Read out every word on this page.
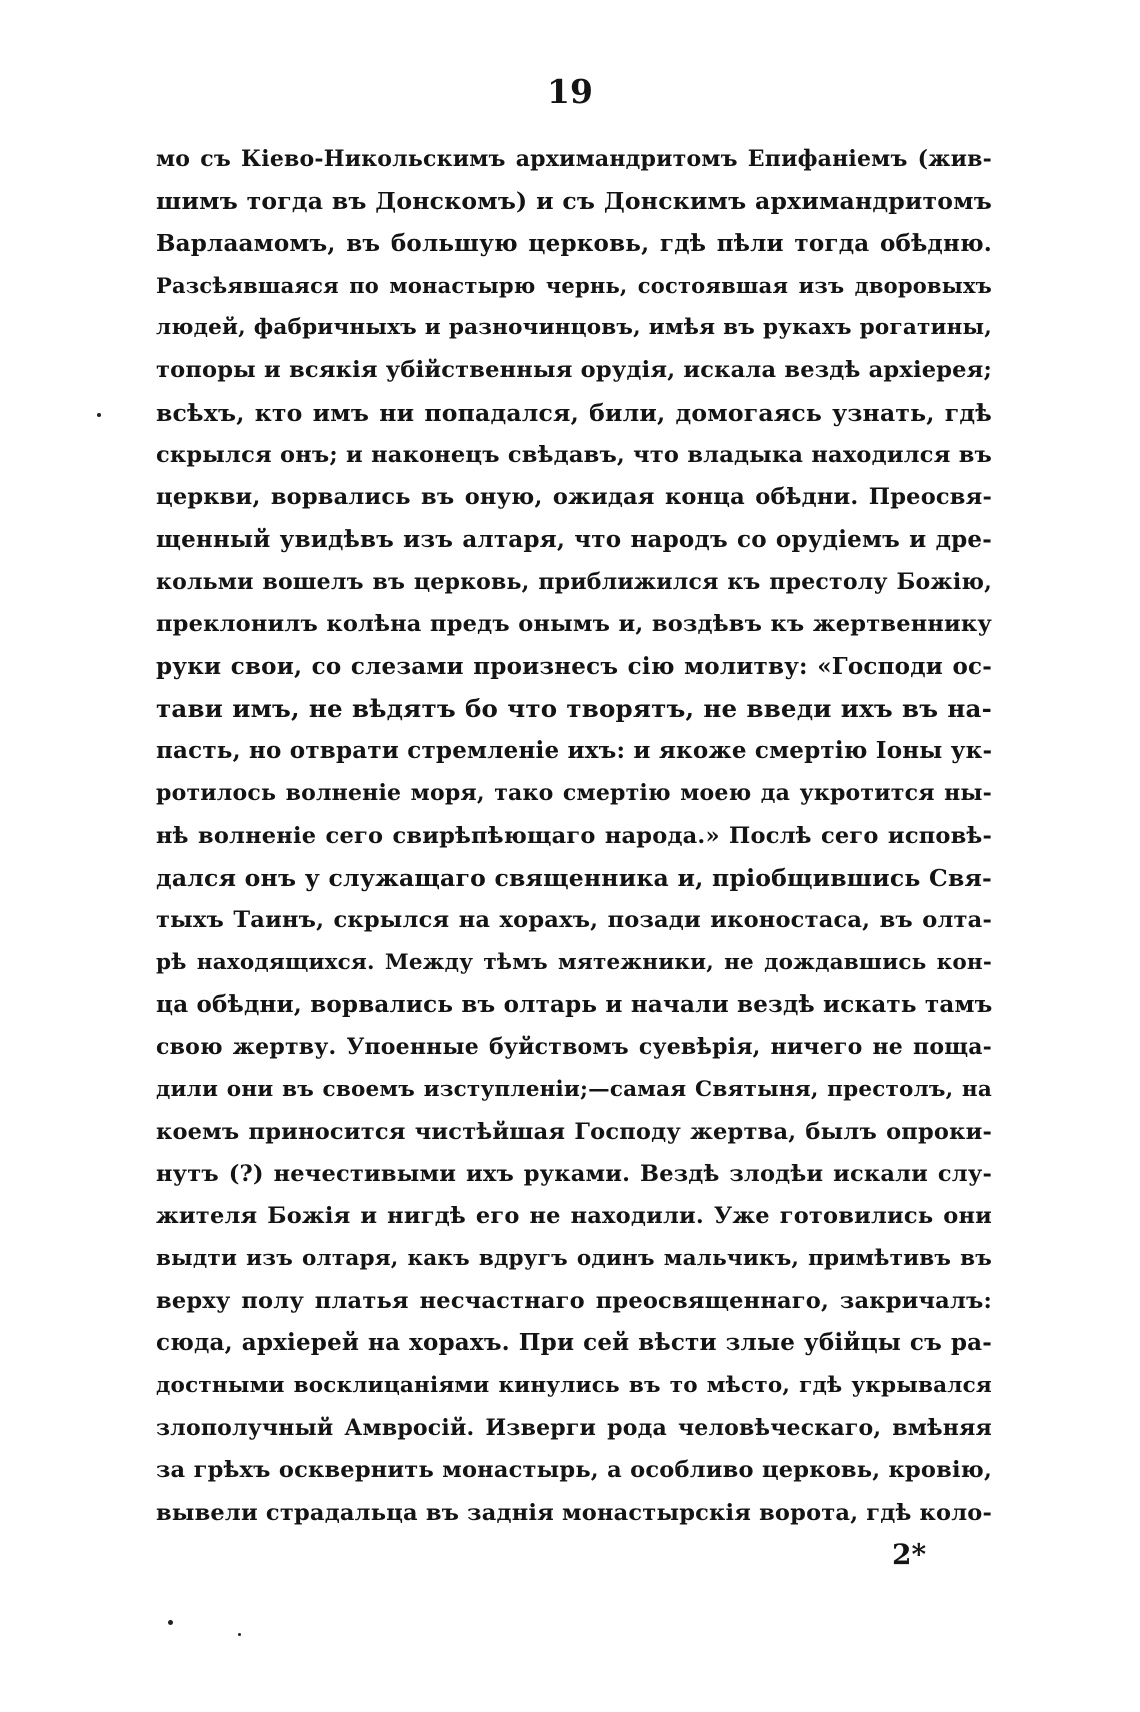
19
мо съ Кіево-Никольскимъ архимандритомъ Епифаніемъ (жив-
шимъ тогда въ Донскомъ) и съ Донскимъ архимандритомъ
Варлаамомъ, въ большую церковь, гдѣ пѣли тогда обѣдню.
Разсѣявшаяся по монастырю чернь, состоявшая изъ дворовыхъ
людей, фабричныхъ и разночинцовъ, имѣя въ рукахъ рогатины,
топоры и всякія убійственныя орудія, искала вездѣ архіерея;
всѣхъ, кто имъ ни попадался, били, домогаясь узнать, гдѣ
скрылся онъ; и наконецъ свѣдавъ, что владыка находился въ
церкви, ворвались въ оную, ожидая конца обѣдни. Преосвя-
щенный увидѣвъ изъ алтаря, что народъ со орудіемъ и дре-
кольми вошелъ въ церковь, приближился къ престолу Божію,
преклонилъ колѣна предъ онымъ и, воздѣвъ къ жертвеннику
руки свои, со слезами произнесъ сію молитву: «Господи ос-
тави имъ, не вѣдятъ бо что творятъ, не введи ихъ въ на-
пасть, но отврати стремленіе ихъ: и якоже смертію Іоны ук-
ротилось волненіе моря, тако смертію моею да укротится ны-
нѣ волненіе сего свирѣпѣющаго народа.» Послѣ сего исповѣ-
дался онъ у служащаго священника и, пріобщившись Свя-
тыхъ Таинъ, скрылся на хорахъ, позади иконостаса, въ олта-
рѣ находящихся. Между тѣмъ мятежники, не дождавшись кон-
ца обѣдни, ворвались въ олтарь и начали вездѣ искать тамъ
свою жертву. Упоенные буйствомъ суевѣрія, ничего не поща-
дили они въ своемъ изступленіи;—самая Святыня, престолъ, на
коемъ приносится чистѣйшая Господу жертва, былъ опроки-
нутъ (?) нечестивыми ихъ руками. Вездѣ злодѣи искали слу-
жителя Божія и нигдѣ его не находили. Уже готовились они
выдти изъ олтаря, какъ вдругъ одинъ мальчикъ, примѣтивъ въ
верху полу платья несчастнаго преосвященнаго, закричалъ:
сюда, архіерей на хорахъ. При сей вѣсти злые убійцы съ ра-
достными восклицаніями кинулись въ то мѣсто, гдѣ укрывался
злополучный Амвросій. Изверги рода человѣческаго, вмѣняя
за грѣхъ осквернить монастырь, а особливо церковь, кровію,
вывели страдальца въ заднія монастырскія ворота, гдѣ коло-
2*
